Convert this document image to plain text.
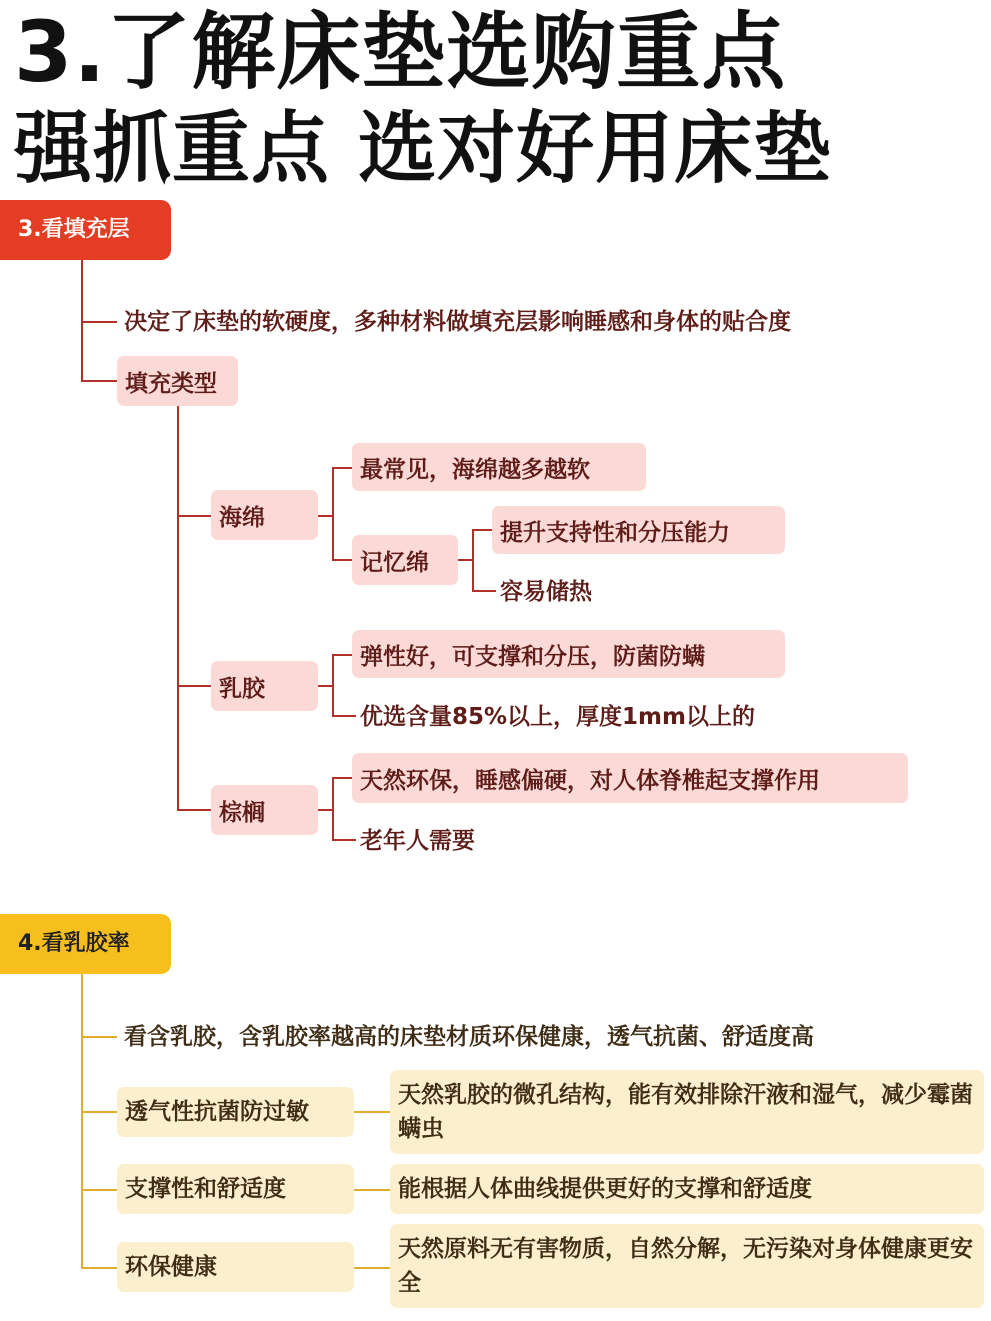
3.了解床垫选购重点
强抓重点 选对好用床垫
3.看填充层
决定了床垫的软硬度，多种材料做填充层影响睡感和身体的贴合度
填充类型
海绵
最常见，海绵越多越软
记忆绵
提升支持性和分压能力
容易储热
乳胶
弹性好，可支撑和分压，防菌防螨
优选含量85%以上，厚度1mm以上的
棕榈
天然环保，睡感偏硬，对人体脊椎起支撑作用
老年人需要
4.看乳胶率
看含乳胶，含乳胶率越高的床垫材质环保健康，透气抗菌、舒适度高
透气性抗菌防过敏
天然乳胶的微孔结构，能有效排除汗液和湿气，减少霉菌螨虫
支撑性和舒适度	能根据人体曲线提供更好的支撑和舒适度
环保健康
天然原料无有害物质，自然分解，无污染对身体健康更安全
